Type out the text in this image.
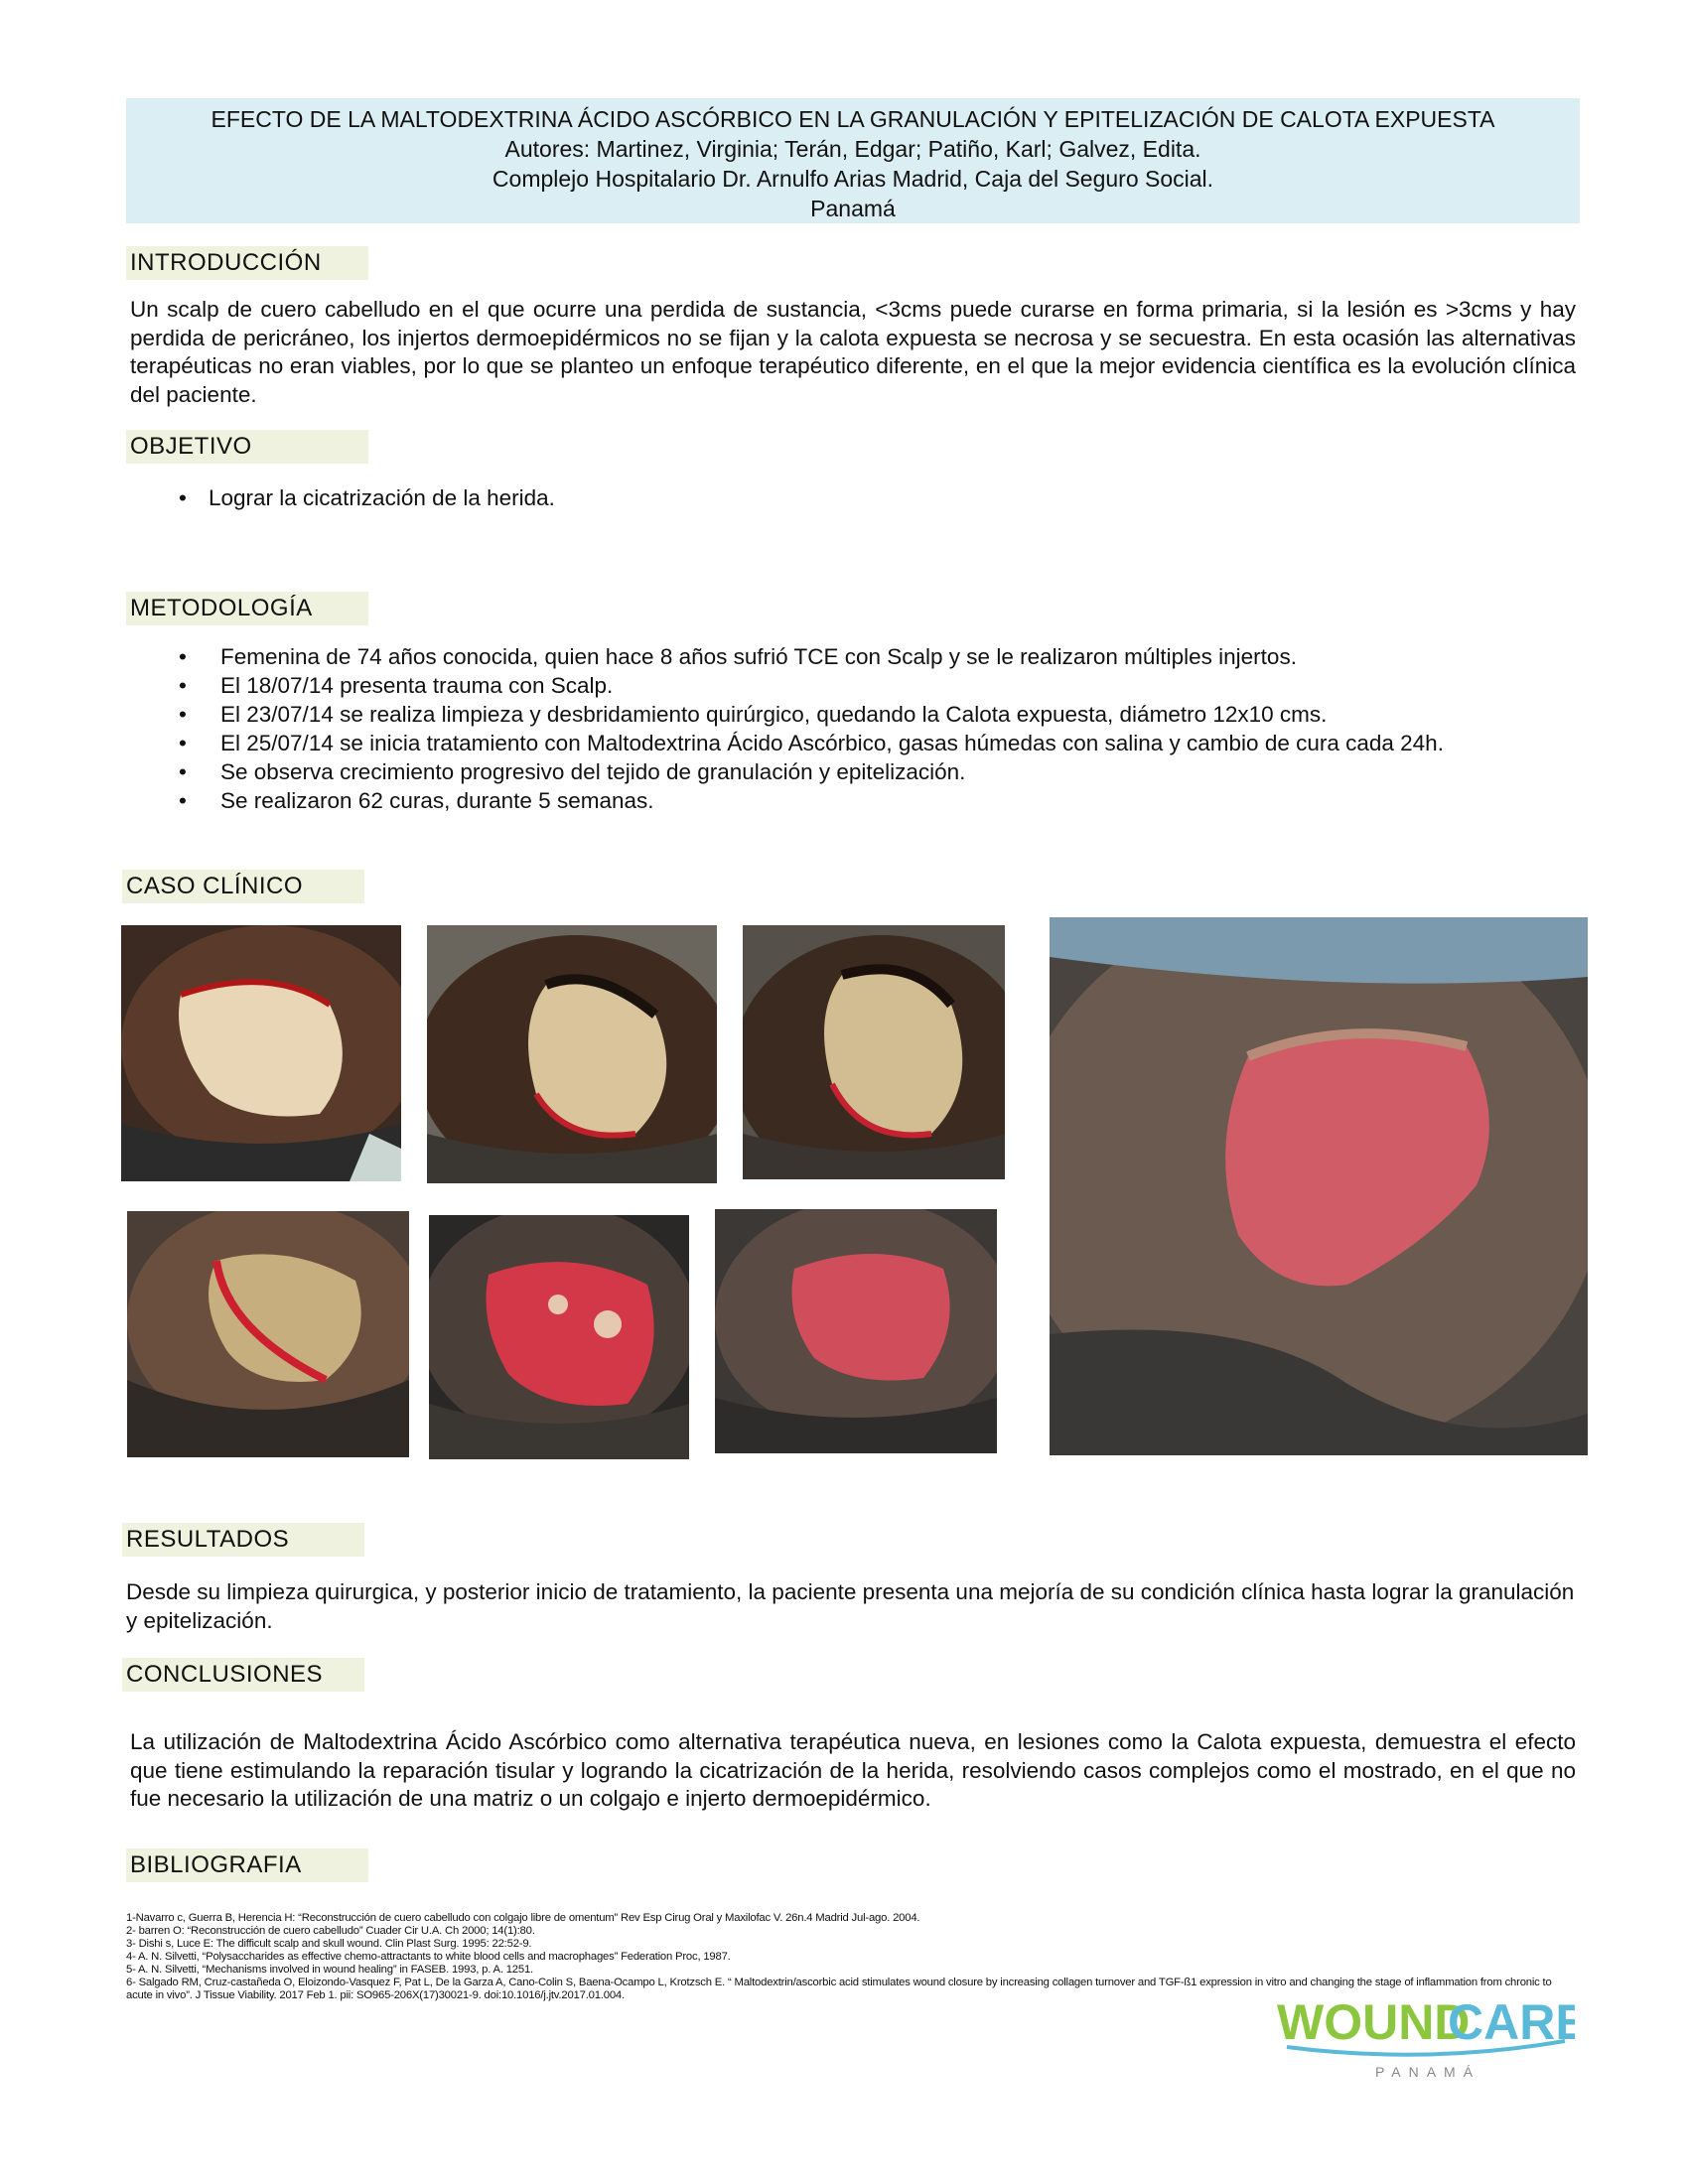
EFECTO DE LA MALTODEXTRINA ÁCIDO ASCÓRBICO EN LA GRANULACIÓN Y EPITELIZACIÓN DE CALOTA EXPUESTA
Autores: Martinez, Virginia; Terán, Edgar; Patiño, Karl; Galvez, Edita.
Complejo Hospitalario Dr. Arnulfo Arias Madrid, Caja del Seguro Social.
Panamá
INTRODUCCIÓN
Un scalp de cuero cabelludo en el que ocurre una perdida de sustancia, <3cms puede curarse en forma primaria, si la lesión es >3cms y hay perdida de pericráneo, los injertos dermoepidérmicos no se fijan y la calota expuesta se necrosa y se secuestra. En esta ocasión las alternativas terapéuticas no eran viables, por lo que se planteo un enfoque terapéutico diferente, en el que la mejor evidencia científica es la evolución clínica del paciente.
OBJETIVO
• Lograr la cicatrización de la herida.
METODOLOGÍA
• Femenina de 74 años conocida, quien hace 8 años sufrió TCE con Scalp y se le realizaron múltiples injertos.
• El 18/07/14 presenta trauma con Scalp.
• El 23/07/14 se realiza limpieza y desbridamiento quirúrgico, quedando la Calota expuesta, diámetro 12x10 cms.
• El 25/07/14 se inicia tratamiento con Maltodextrina Ácido Ascórbico, gasas húmedas con salina y cambio de cura cada 24h.
• Se observa crecimiento progresivo del tejido de granulación y epitelización.
• Se realizaron 62 curas, durante 5 semanas.
CASO CLÍNICO
RESULTADOS
Desde su limpieza quirurgica, y posterior inicio de tratamiento, la paciente presenta una mejoría de su condición clínica hasta lograr la granulación y epitelización.
CONCLUSIONES
La utilización de Maltodextrina Ácido Ascórbico como alternativa terapéutica nueva, en lesiones como la Calota expuesta, demuestra el efecto que tiene estimulando la reparación tisular y logrando la cicatrización de la herida, resolviendo casos complejos como el mostrado, en el que no fue necesario la utilización de una matriz o un colgajo e injerto dermoepidérmico.
BIBLIOGRAFIA
1-Navarro c, Guerra B, Herencia H: “Reconstrucción de cuero cabelludo con colgajo libre de omentum” Rev Esp Cirug Oral y Maxilofac V. 26n.4 Madrid Jul-ago. 2004.
2- barren O: “Reconstrucción de cuero cabelludo” Cuader Cir U.A. Ch 2000; 14(1):80.
3- Dishi s, Luce E: The difficult scalp and skull wound. Clin Plast Surg. 1995: 22:52-9.
4- A. N. Silvetti, “Polysaccharides as effective chemo-attractants to white blood cells and macrophages” Federation Proc, 1987.
5- A. N. Silvetti, “Mechanisms involved in wound healing” in FASEB. 1993, p. A. 1251.
6- Salgado RM, Cruz-castañeda O, Eloizondo-Vasquez F, Pat L, De la Garza A, Cano-Colin S, Baena-Ocampo L, Krotzsch E. “ Maltodextrin/ascorbic acid stimulates wound closure by increasing collagen turnover and TGF-ß1 expression in vitro and changing the stage of inflammation from chronic to acute in vivo”. J Tissue Viability. 2017 Feb 1. pii: SO965-206X(17)30021-9. doi:10.1016/j.jtv.2017.01.004.	WOUND
CARE
PANAMÁ
